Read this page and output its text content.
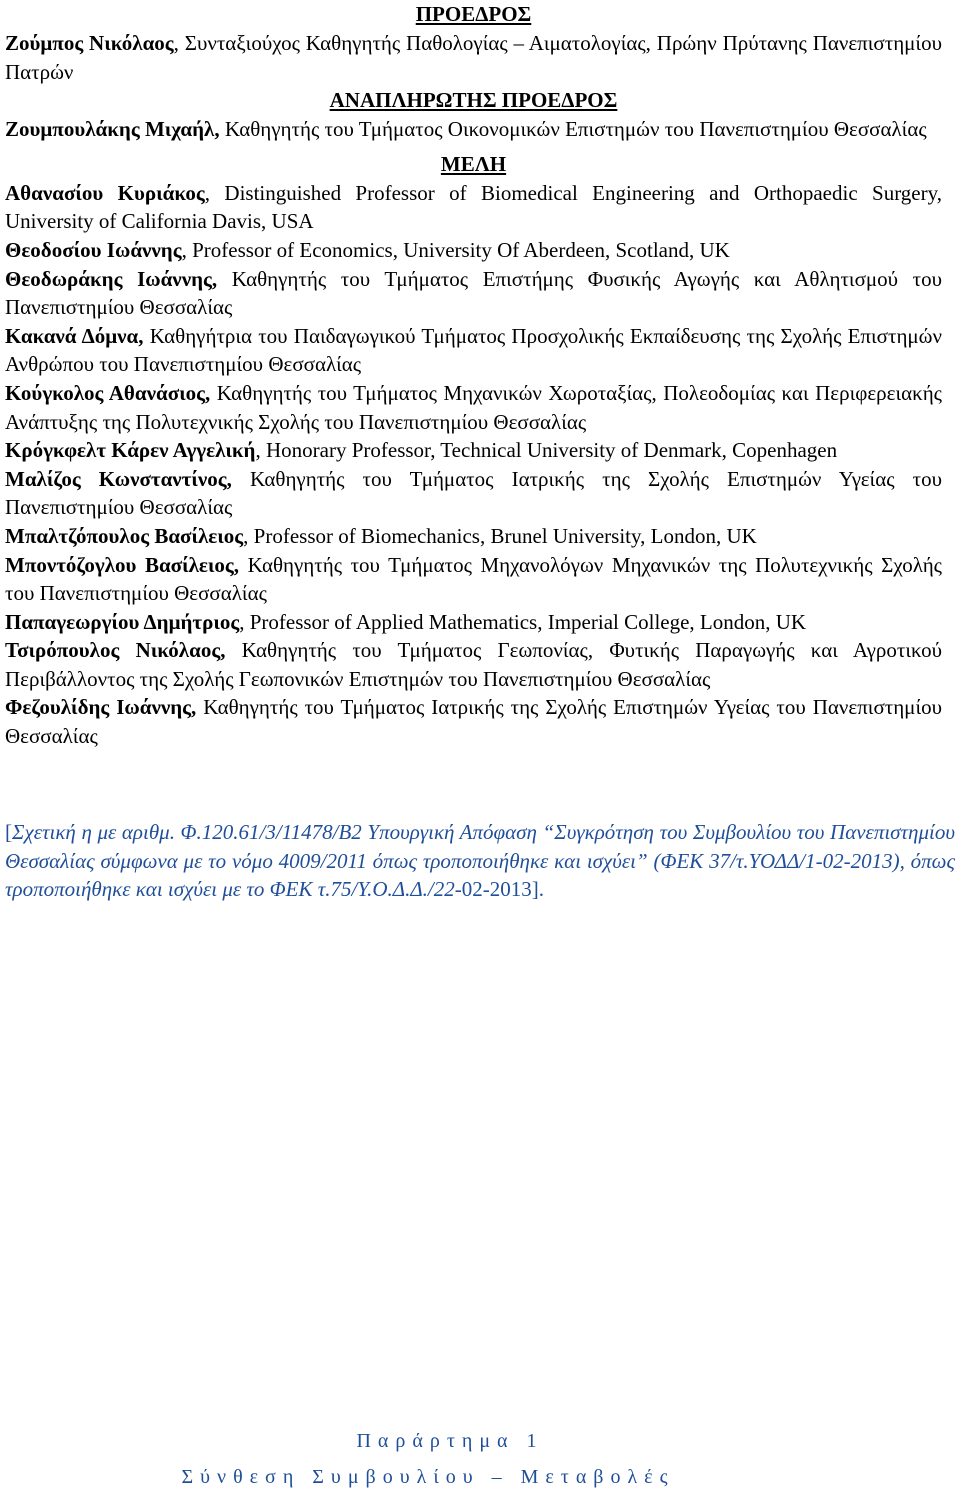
ΠΡΟΕΔΡΟΣ

Ζούμπος Νικόλαος, Συνταξιούχος Καθηγητής Παθολογίας – Αιματολογίας, Πρώην Πρύτανης Πανεπιστημίου Πατρών

ΑΝΑΠΛΗΡΩΤΗΣ ΠΡΟΕΔΡΟΣ

Ζουμπουλάκης Μιχαήλ, Καθηγητής του Τμήματος Οικονομικών Επιστημών του Πανεπιστημίου Θεσσαλίας

ΜΕΛΗ

Αθανασίου Κυριάκος, Distinguished Professor of Biomedical Engineering and Orthopaedic Surgery, University of California Davis, USA

Θεοδοσίου Ιωάννης, Professor of Economics, University Of Aberdeen, Scotland, UK

Θεοδωράκης Ιωάννης, Καθηγητής του Τμήματος Επιστήμης Φυσικής Αγωγής και Αθλητισμού του Πανεπιστημίου Θεσσαλίας

Κακανά Δόμνα, Καθηγήτρια του Παιδαγωγικού Τμήματος Προσχολικής Εκπαίδευσης της Σχολής Επιστημών Ανθρώπου του Πανεπιστημίου Θεσσαλίας

Κούγκολος Αθανάσιος, Καθηγητής του Τμήματος Μηχανικών Χωροταξίας, Πολεοδομίας και Περιφερειακής Ανάπτυξης της Πολυτεχνικής Σχολής του Πανεπιστημίου Θεσσαλίας

Κρόγκφελτ Κάρεν Αγγελική, Honorary Professor, Technical University of Denmark, Copenhagen

Μαλίζος Κωνσταντίνος, Καθηγητής του Τμήματος Ιατρικής της Σχολής Επιστημών Υγείας του Πανεπιστημίου Θεσσαλίας

Μπαλτζόπουλος Βασίλειος, Professor of Biomechanics, Brunel University, London, UK

Μποντόζογλου Βασίλειος, Καθηγητής του Τμήματος Μηχανολόγων Μηχανικών της Πολυτεχνικής Σχολής του Πανεπιστημίου Θεσσαλίας

Παπαγεωργίου Δημήτριος, Professor of Applied Mathematics, Imperial College, London, UK

Τσιρόπουλος Νικόλαος, Καθηγητής του Τμήματος Γεωπονίας, Φυτικής Παραγωγής και Αγροτικού Περιβάλλοντος της Σχολής Γεωπονικών Επιστημών του Πανεπιστημίου Θεσσαλίας

Φεζουλίδης Ιωάννης, Καθηγητής του Τμήματος Ιατρικής της Σχολής Επιστημών Υγείας του Πανεπιστημίου Θεσσαλίας

[Σχετική η με αριθμ. Φ.120.61/3/11478/Β2 Υπουργική Απόφαση “Συγκρότηση του Συμβουλίου του Πανεπιστημίου Θεσσαλίας σύμφωνα με το νόμο 4009/2011 όπως τροποποιήθηκε και ισχύει” (ΦΕΚ 37/τ.ΥΟΔΔ/1-02-2013), όπως τροποποιήθηκε και ισχύει με το ΦΕΚ τ.75/Υ.Ο.Δ.Δ./22-02-2013].

Παράρτημα 1

Σύνθεση Συμβουλίου – Μεταβολές
